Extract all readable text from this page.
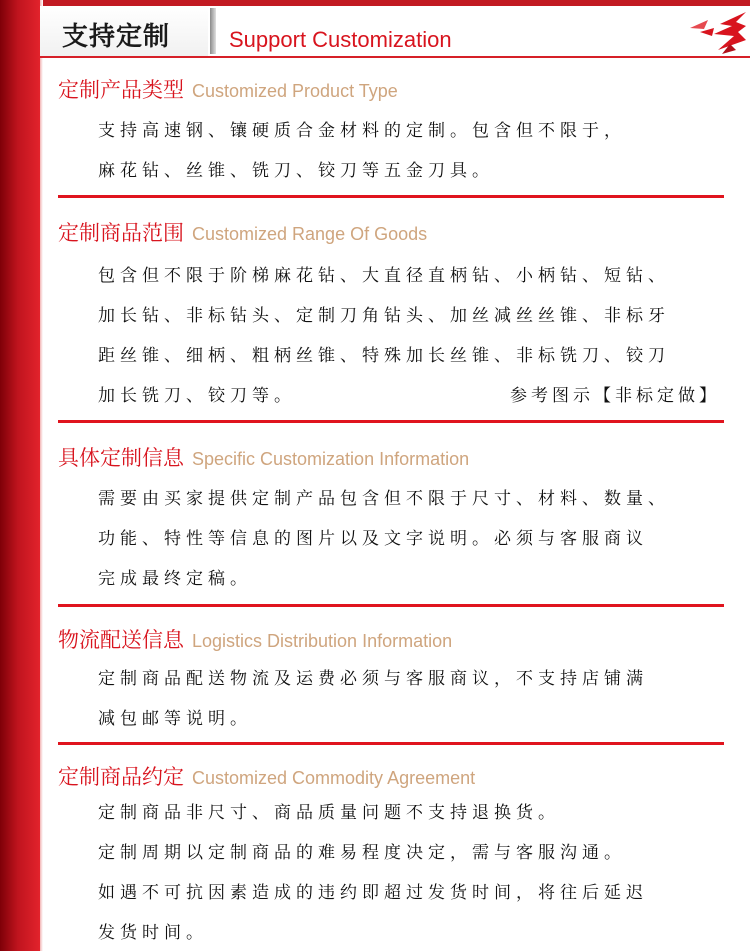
支持定制	Support Customization
定制产品类型 Customized Product Type
支持高速钢、镶硬质合金材料的定制。包含但不限于，
麻花钻、丝锥、铣刀、铰刀等五金刀具。
定制商品范围 Customized Range Of Goods
包含但不限于阶梯麻花钻、大直径直柄钻、小柄钻、短钻、
加长钻、非标钻头、定制刀角钻头、加丝减丝丝锥、非标牙
距丝锥、细柄、粗柄丝锥、特殊加长丝锥、非标铣刀、铰刀
加长铣刀、铰刀等。	参考图示【非标定做】
具体定制信息 Specific Customization Information
需要由买家提供定制产品包含但不限于尺寸、材料、数量、
功能、特性等信息的图片以及文字说明。必须与客服商议
完成最终定稿。
物流配送信息 Logistics Distribution Information
定制商品配送物流及运费必须与客服商议，不支持店铺满
减包邮等说明。
定制商品约定 Customized Commodity Agreement
定制商品非尺寸、商品质量问题不支持退换货。
定制周期以定制商品的难易程度决定，需与客服沟通。
如遇不可抗因素造成的违约即超过发货时间，将往后延迟
发货时间。
